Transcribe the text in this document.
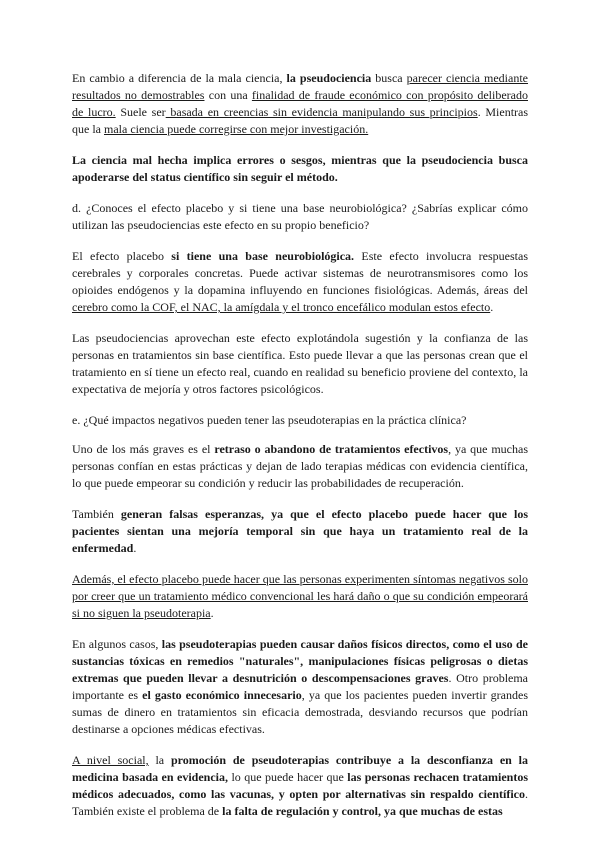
En cambio a diferencia de la mala ciencia, la pseudociencia busca parecer ciencia mediante resultados no demostrables con una finalidad de fraude económico con propósito deliberado de lucro. Suele ser basada en creencias sin evidencia manipulando sus principios. Mientras que la mala ciencia puede corregirse con mejor investigación.

La ciencia mal hecha implica errores o sesgos, mientras que la pseudociencia busca apoderarse del status científico sin seguir el método.

d. ¿Conoces el efecto placebo y si tiene una base neurobiológica? ¿Sabrías explicar cómo utilizan las pseudociencias este efecto en su propio beneficio?

El efecto placebo si tiene una base neurobiológica. Este efecto involucra respuestas cerebrales y corporales concretas. Puede activar sistemas de neurotransmisores como los opioides endógenos y la dopamina influyendo en funciones fisiológicas. Además, áreas del cerebro como la COF, el NAC, la amígdala y el tronco encefálico modulan estos efecto.

Las pseudociencias aprovechan este efecto explotándola sugestión y la confianza de las personas en tratamientos sin base científica. Esto puede llevar a que las personas crean que el tratamiento en sí tiene un efecto real, cuando en realidad su beneficio proviene del contexto, la expectativa de mejoría y otros factores psicológicos.

e. ¿Qué impactos negativos pueden tener las pseudoterapias en la práctica clínica?

Uno de los más graves es el retraso o abandono de tratamientos efectivos, ya que muchas personas confían en estas prácticas y dejan de lado terapias médicas con evidencia científica, lo que puede empeorar su condición y reducir las probabilidades de recuperación.

También generan falsas esperanzas, ya que el efecto placebo puede hacer que los pacientes sientan una mejoría temporal sin que haya un tratamiento real de la enfermedad.

Además, el efecto placebo puede hacer que las personas experimenten síntomas negativos solo por creer que un tratamiento médico convencional les hará daño o que su condición empeorará si no siguen la pseudoterapia.

En algunos casos, las pseudoterapias pueden causar daños físicos directos, como el uso de sustancias tóxicas en remedios "naturales", manipulaciones físicas peligrosas o dietas extremas que pueden llevar a desnutrición o descompensaciones graves. Otro problema importante es el gasto económico innecesario, ya que los pacientes pueden invertir grandes sumas de dinero en tratamientos sin eficacia demostrada, desviando recursos que podrían destinarse a opciones médicas efectivas.

A nivel social, la promoción de pseudoterapias contribuye a la desconfianza en la medicina basada en evidencia, lo que puede hacer que las personas rechacen tratamientos médicos adecuados, como las vacunas, y opten por alternativas sin respaldo científico. También existe el problema de la falta de regulación y control, ya que muchas de estas
